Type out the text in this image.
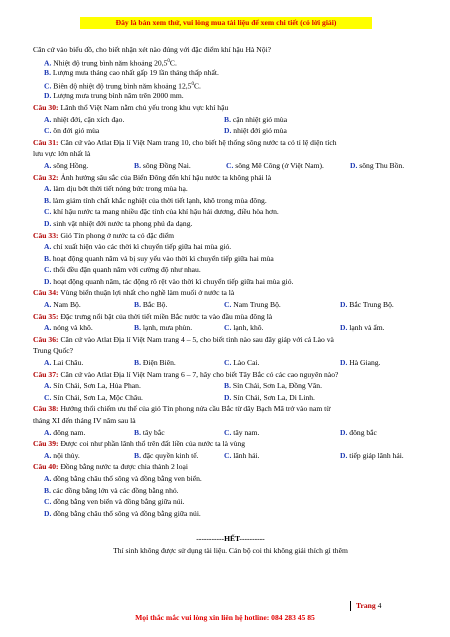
Đây là bản xem thử, vui lòng mua tài liệu để xem chi tiết (có lời giải)
Căn cứ vào biểu đồ, cho biết nhận xét nào đúng với đặc điểm khí hậu Hà Nội?
A. Nhiệt độ trung bình năm khoảng 20,5$^0$C.
B. Lượng mưa tháng cao nhất gấp 19 lần tháng thấp nhất.
C. Biên độ nhiệt độ trung bình năm khoảng 12,5$^0$C.
D. Lượng mưa trung bình năm trên 2000 mm.
Câu 30: Lãnh thổ Việt Nam nằm chủ yếu trong khu vực khí hậu
A. nhiệt đới, cận xích đạo.	B. cận nhiệt gió mùa
C. ôn đới gió mùa	D. nhiệt đới gió mùa
Câu 31: Căn cứ vào Atlat Địa lí Việt Nam trang 10, cho biết hệ thống sông nước ta có tỉ lệ diện tích
lưu vực lớn nhất là
A. sông Hồng.	B. sông Đồng Nai.	C. sông Mê Công (ở Việt Nam).	D. sông Thu Bồn.
Câu 32: Ảnh hưởng sâu sắc của Biển Đông đến khí hậu nước ta không phải là
A. làm dịu bớt thời tiết nóng bức trong mùa hạ.
B. làm giảm tính chất khắc nghiệt của thời tiết lạnh, khô trong mùa đông.
C. khí hậu nước ta mang nhiều đặc tính của khí hậu hải dương, điều hòa hơn.
D. sinh vật nhiệt đới nước ta phong phú đa dạng.
Câu 33: Gió Tín phong ở nước ta có đặc điểm
A. chỉ xuất hiện vào các thời kì chuyển tiếp giữa hai mùa gió.
B. hoạt động quanh năm và bị suy yếu vào thời kì chuyển tiếp giữa hai mùa
C. thổi đều đặn quanh năm với cường độ như nhau.
D. hoạt động quanh năm, tác động rõ rệt vào thời kì chuyển tiếp giữa hai mùa gió.
Câu 34: Vùng biển thuận lợi nhất cho nghề làm muối ở nước ta là
A. Nam Bộ.	B. Bắc Bộ.	C. Nam Trung Bộ.	D. Bắc Trung Bộ.
Câu 35: Đặc trưng nổi bật của thời tiết miền Bắc nước ta vào đầu mùa đông là
A. nóng và khô.	B. lạnh, mưa phùn.	C. lạnh, khô.	D. lạnh và ẩm.
Câu 36: Căn cứ vào Atlat Địa lí Việt Nam trang 4 – 5, cho biết tỉnh nào sau đây giáp với cả Lào và
Trung Quốc?
A. Lai Châu.	B. Điện Biên.	C. Lào Cai.	D. Hà Giang.
Câu 37: Căn cứ vào Atlat Địa lí Việt Nam trang 6 – 7, hãy cho biết Tây Bắc có các cao nguyên nào?
A. Sín Chải, Sơn La, Hủa Phan.	B. Sín Chải, Sơn La, Đồng Văn.
C. Sín Chải, Sơn La, Mộc Châu.	D. Sín Chải, Sơn La, Di Linh.
Câu 38: Hướng thổi chiếm ưu thế của gió Tín phong nửa cầu Bắc từ dãy Bạch Mã trở vào nam từ
tháng XI đến tháng IV năm sau là
A. đông nam.	B. tây bắc	C. tây nam.	D. đông bắc
Câu 39: Được coi như phần lãnh thổ trên đất liền của nước ta là vùng
A. nội thủy.	B. đặc quyền kinh tế.	C. lãnh hải.	D. tiếp giáp lãnh hải.
Câu 40: Đồng bằng nước ta được chia thành 2 loại
A. đồng bằng châu thổ sông và đồng bằng ven biển.
B. các đồng bằng lớn và các đồng bằng nhỏ.
C. đồng bằng ven biển và đồng bằng giữa núi.
D. đồng bằng châu thổ sông và đồng bằng giữa núi.
-----------HẾT----------
Thí sinh không được sử dụng tài liệu. Cán bộ coi thi không giải thích gì thêm
Trang 4
Mọi thắc mắc vui lòng xin liên hệ hotline: 084 283 45 85
